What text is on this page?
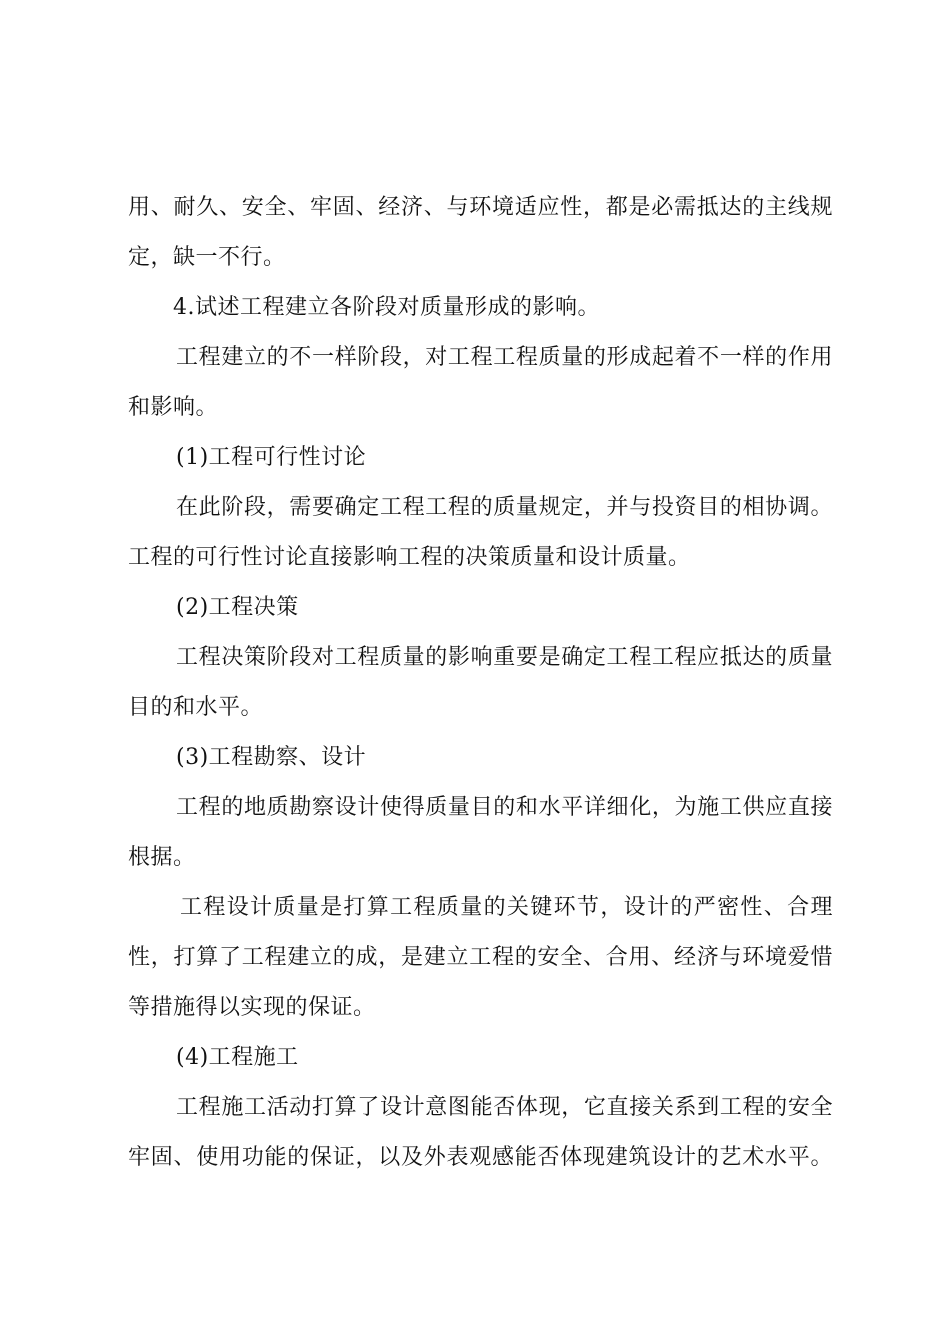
用、耐久、安全、牢固、经济、与环境适应性，都是必需抵达的主线规
定，缺一不行。
4.试述工程建立各阶段对质量形成的影响。
工程建立的不一样阶段，对工程工程质量的形成起着不一样的作用
和影响。
(1)工程可行性讨论
在此阶段，需要确定工程工程的质量规定，并与投资目的相协调。
工程的可行性讨论直接影响工程的决策质量和设计质量。
(2)工程决策
工程决策阶段对工程质量的影响重要是确定工程工程应抵达的质量
目的和水平。
(3)工程勘察、设计
工程的地质勘察设计使得质量目的和水平详细化，为施工供应直接
根据。
工程设计质量是打算工程质量的关键环节，设计的严密性、合理
性，打算了工程建立的成，是建立工程的安全、合用、经济与环境爱惜
等措施得以实现的保证。
(4)工程施工
工程施工活动打算了设计意图能否体现，它直接关系到工程的安全
牢固、使用功能的保证，以及外表观感能否体现建筑设计的艺术水平。
